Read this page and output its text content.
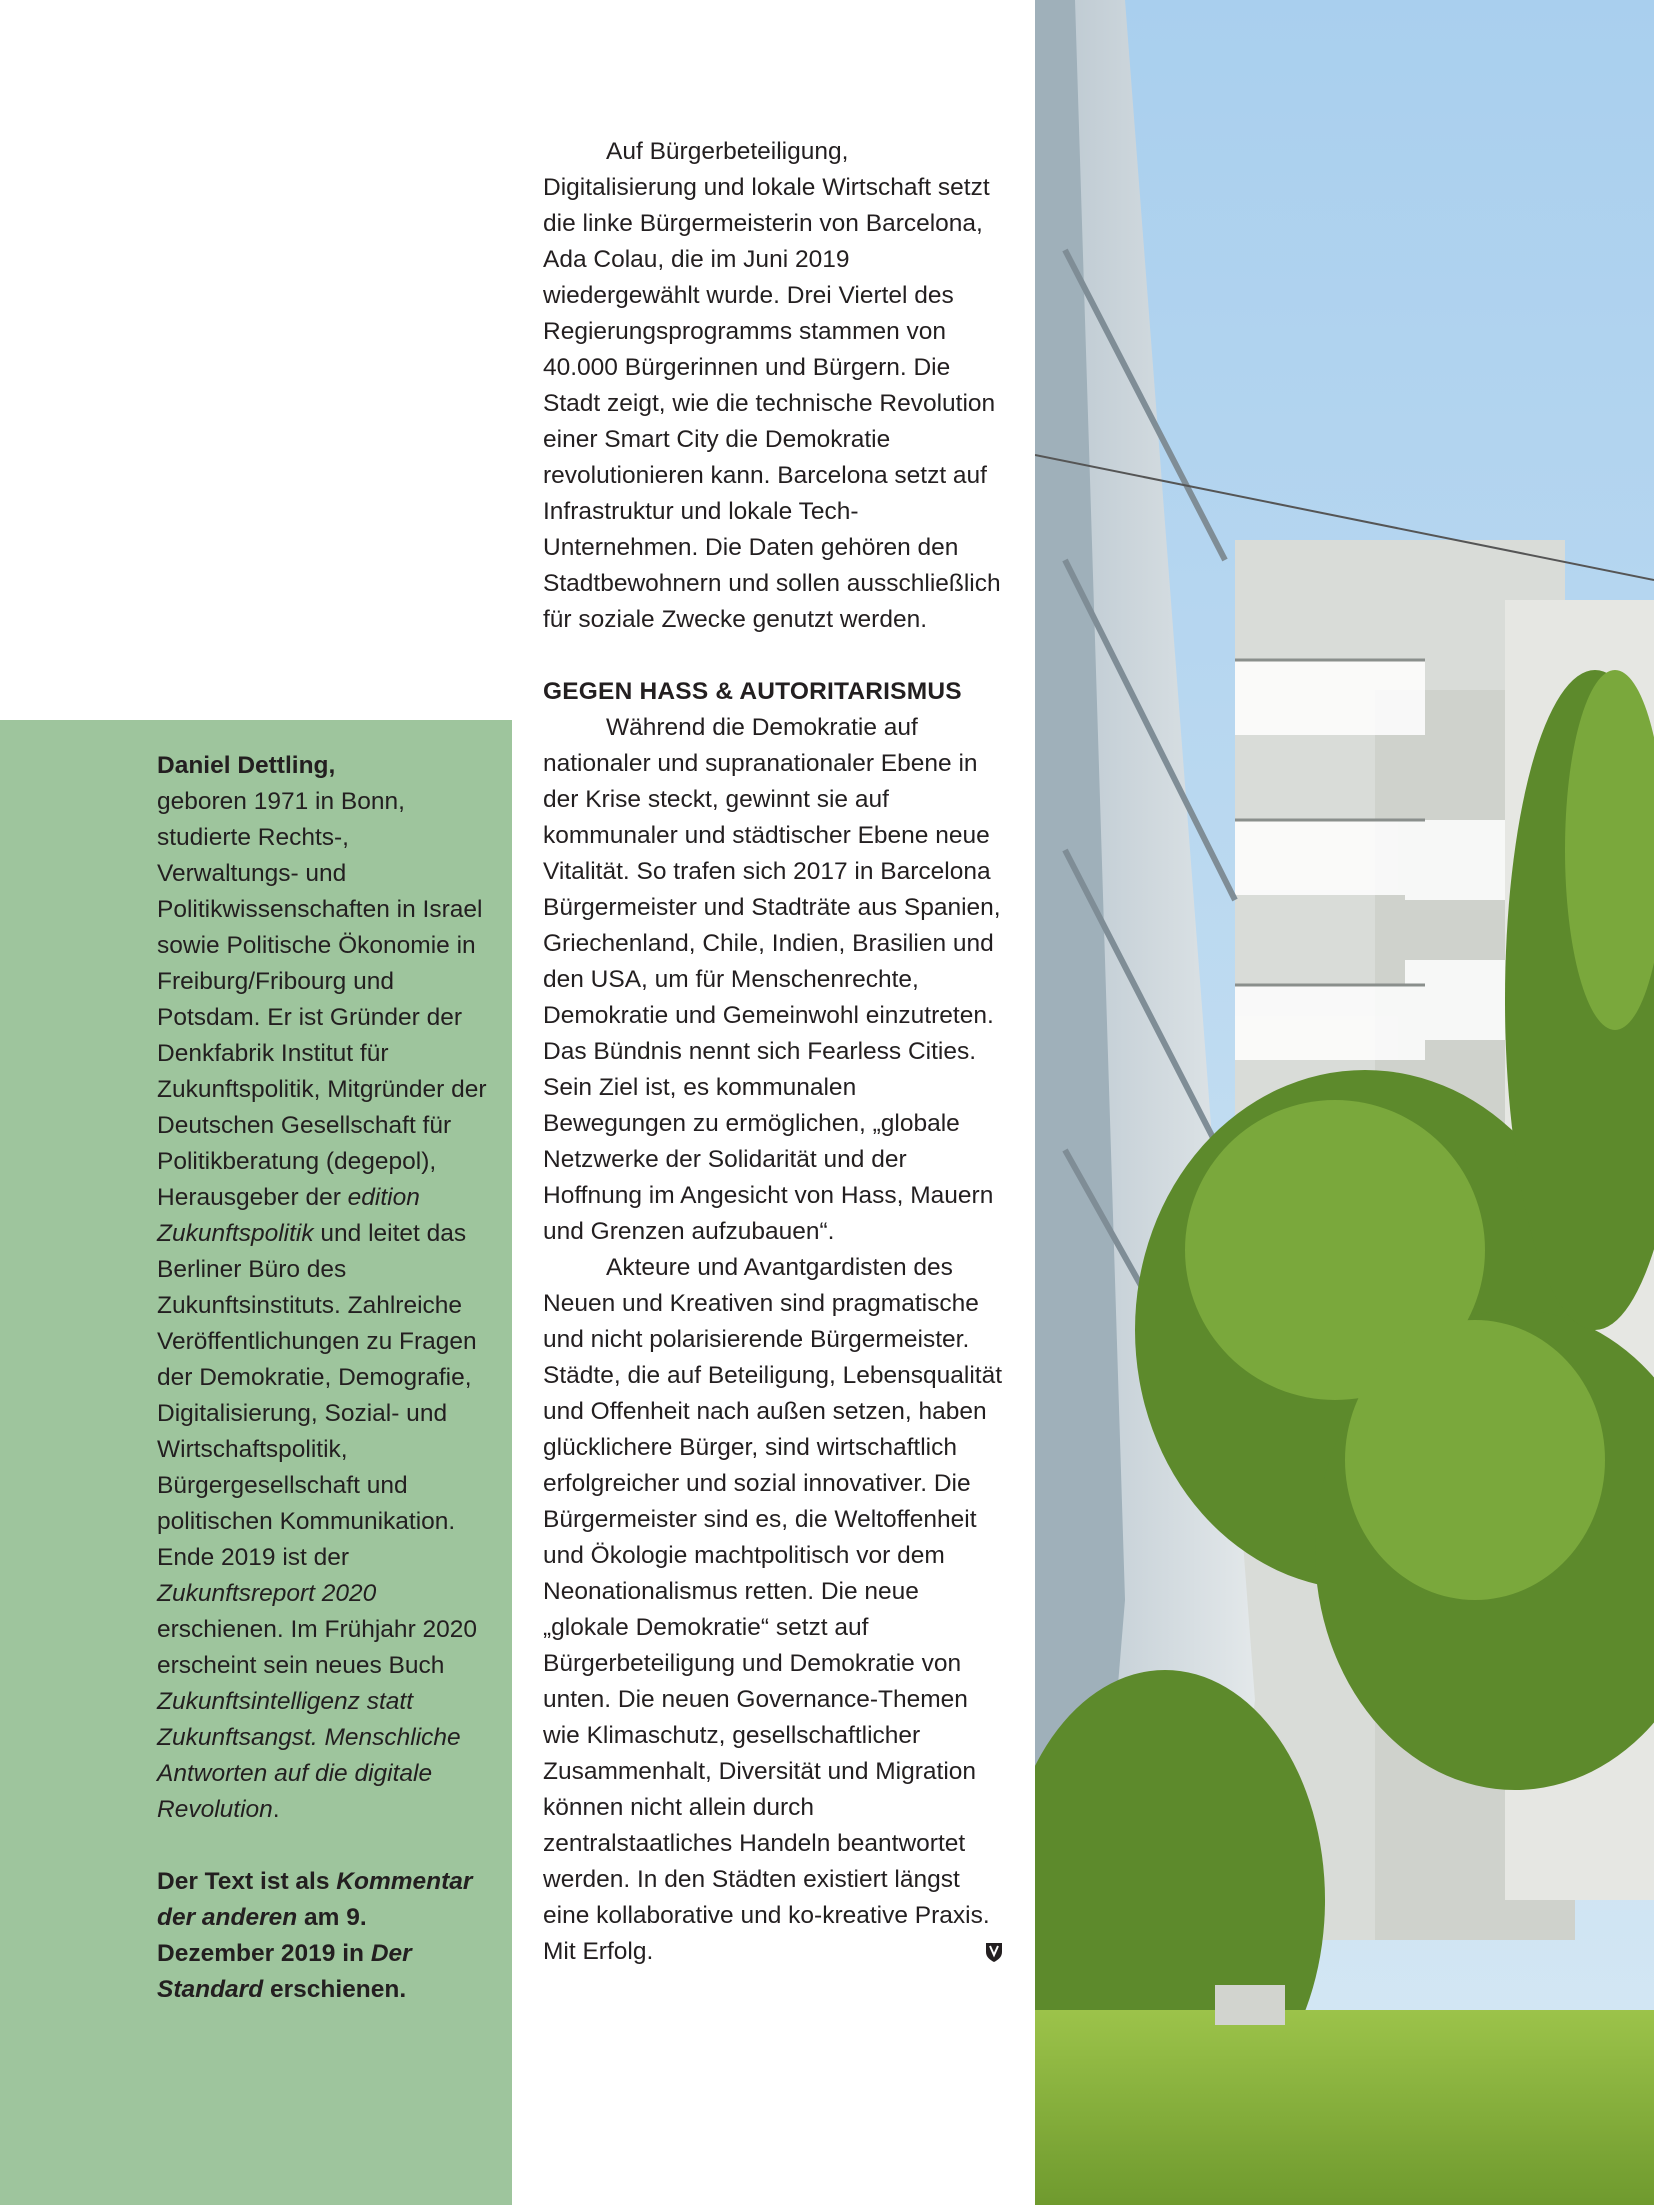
Daniel Dettling,

geboren 1971 in Bonn, studierte Rechts-, Verwaltungs- und Politikwissenschaften in Israel sowie Politische Ökonomie in Freiburg/Fribourg und Potsdam. Er ist Gründer der Denkfabrik Institut für Zukunftspolitik, Mitgründer der Deutschen Gesellschaft für Politikberatung (degepol), Herausgeber der edition Zukunftspolitik und leitet das Berliner Büro des Zukunftsinstituts. Zahlreiche Veröffentlichungen zu Fragen der Demokratie, Demografie, Digitalisierung, Sozial- und Wirtschaftspolitik, Bürgergesellschaft und politischen Kommunikation. Ende 2019 ist der Zukunftsreport 2020 erschienen. Im Frühjahr 2020 erscheint sein neues Buch Zukunftsintelligenz statt Zukunftsangst. Menschliche Antworten auf die digitale Revolution.

Der Text ist als Kommentar der anderen am 9. Dezember 2019 in Der Standard erschienen.

Auf Bürgerbeteiligung, Digitalisierung und lokale Wirtschaft setzt die linke Bürgermeisterin von Barcelona, Ada Colau, die im Juni 2019 wiedergewählt wurde. Drei Viertel des Regierungsprogramms stammen von 40.000 Bürgerinnen und Bürgern. Die Stadt zeigt, wie die technische Revolution einer Smart City die Demokratie revolutionieren kann. Barcelona setzt auf Infrastruktur und lokale Tech-Unternehmen. Die Daten gehören den Stadtbewohnern und sollen ausschließlich für soziale Zwecke genutzt werden.

GEGEN HASS & AUTORITARISMUS

Während die Demokratie auf nationaler und supranationaler Ebene in der Krise steckt, gewinnt sie auf kommunaler und städtischer Ebene neue Vitalität. So trafen sich 2017 in Barcelona Bürgermeister und Stadträte aus Spanien, Griechenland, Chile, Indien, Brasilien und den USA, um für Menschenrechte, Demokratie und Gemeinwohl einzutreten. Das Bündnis nennt sich Fearless Cities. Sein Ziel ist, es kommunalen Bewegungen zu ermöglichen, „globale Netzwerke der Solidarität und der Hoffnung im Angesicht von Hass, Mauern und Grenzen aufzubauen“.

Akteure und Avantgardisten des Neuen und Kreativen sind pragmatische und nicht polarisierende Bürgermeister. Städte, die auf Beteiligung, Lebensqualität und Offenheit nach außen setzen, haben glücklichere Bürger, sind wirtschaftlich erfolgreicher und sozial innovativer. Die Bürgermeister sind es, die Weltoffenheit und Ökologie machtpolitisch vor dem Neonationalismus retten. Die neue „glokale Demokratie“ setzt auf Bürgerbeteiligung und Demokratie von unten. Die neuen Governance-Themen wie Klimaschutz, gesellschaftlicher Zusammenhalt, Diversität und Migration können nicht allein durch zentralstaatliches Handeln beantwortet werden. In den Städten existiert längst eine kollaborative und ko-kreative Praxis. Mit Erfolg.
